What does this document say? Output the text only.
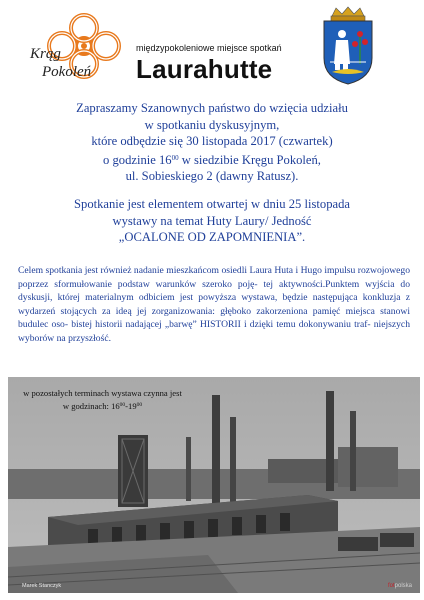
Krąg
Pokoleń
międzypokoleniowe miejsce spotkań
Laurahutte
Zapraszamy Szanownych państwo do wzięcia udziału
w spotkaniu dyskusyjnym,
które odbędzie się 30 listopada 2017 (czwartek)
o godzinie $16^{00}$ w siedzibie Kręgu Pokoleń,
ul. Sobieskiego 2 (dawny Ratusz).
Spotkanie jest elementem otwartej w dniu 25 listopada
wystawy na temat Huty Laury/ Jedność
„OCALONE OD ZAPOMNIENIA”.
Celem spotkania jest również nadanie mieszkańcom osiedli Laura Huta i Hugo impulsu rozwojowego poprzez sformułowanie podstaw warunków szeroko poję- tej aktywności.Punktem wyjścia do dyskusji, której materialnym odbiciem jest powyższa wystawa, będzie następująca konkluzja z wydarzeń stojących za ideą jej zorganizowania: głęboko zakorzeniona pamięć miejsca stanowi budulec oso- bistej historii nadającej „barwę” HISTORII i dzięki temu dokonywaniu traf- niejszych wyborów na przyszłość.
w pozostałych terminach wystawa czynna jest
w godzinach: $16^{00}-19^{00}$
Marek Stanczyk	fotpolska
